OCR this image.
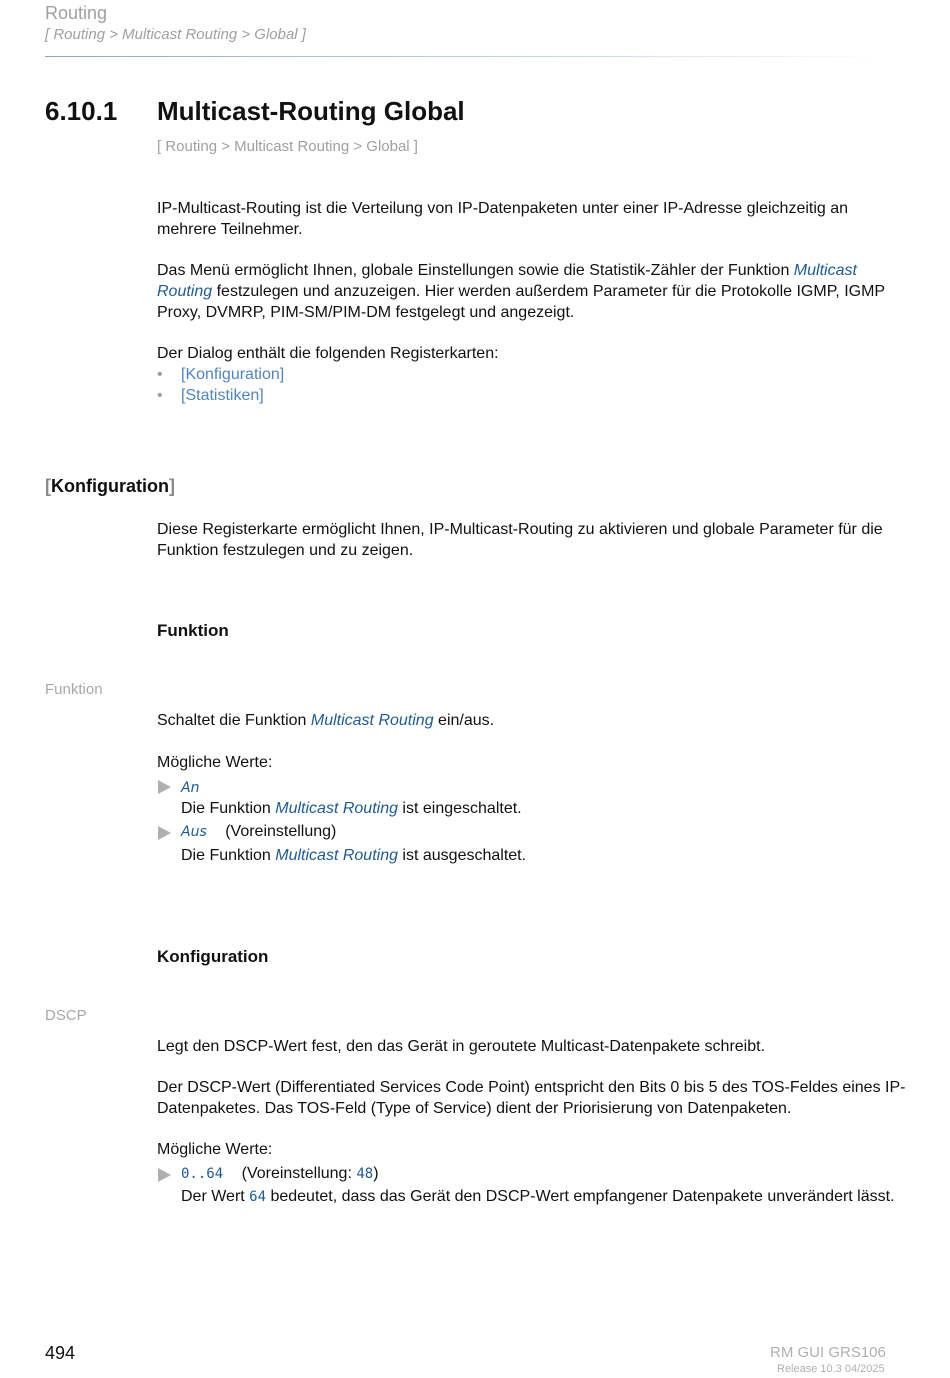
Routing
[ Routing > Multicast Routing > Global ]
6.10.1 Multicast-Routing Global
[ Routing > Multicast Routing > Global ]
IP-Multicast-Routing ist die Verteilung von IP-Datenpaketen unter einer IP-Adresse gleichzeitig an mehrere Teilnehmer.
Das Menü ermöglicht Ihnen, globale Einstellungen sowie die Statistik-Zähler der Funktion Multicast Routing festzulegen und anzuzeigen. Hier werden außerdem Parameter für die Protokolle IGMP, IGMP Proxy, DVMRP, PIM-SM/PIM-DM festgelegt und angezeigt.
Der Dialog enthält die folgenden Registerkarten:
• [Konfiguration]
• [Statistiken]
[Konfiguration]
Diese Registerkarte ermöglicht Ihnen, IP-Multicast-Routing zu aktivieren und globale Parameter für die Funktion festzulegen und zu zeigen.
Funktion
Funktion
Schaltet die Funktion Multicast Routing ein/aus.
Mögliche Werte:
An
Die Funktion Multicast Routing ist eingeschaltet.
Aus (Voreinstellung)
Die Funktion Multicast Routing ist ausgeschaltet.
Konfiguration
DSCP
Legt den DSCP-Wert fest, den das Gerät in geroutete Multicast-Datenpakete schreibt.
Der DSCP-Wert (Differentiated Services Code Point) entspricht den Bits 0 bis 5 des TOS-Feldes eines IP-Datenpaketes. Das TOS-Feld (Type of Service) dient der Priorisierung von Datenpaketen.
Mögliche Werte:
0..64 (Voreinstellung: 48)
Der Wert 64 bedeutet, dass das Gerät den DSCP-Wert empfangener Datenpakete unverändert lässt.
494	RM GUI GRS106
Release 10.3 04/2025
